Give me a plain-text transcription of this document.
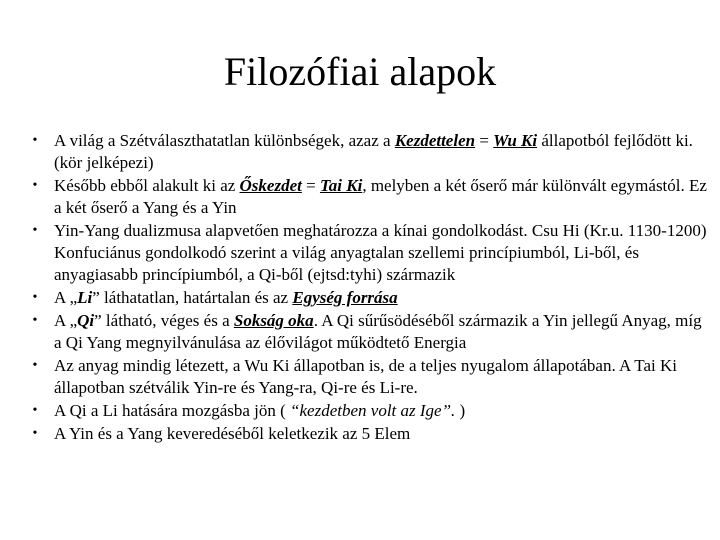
Filozófiai alapok
• A világ a Szétválaszthatatlan különbségek, azaz a Kezdettelen = Wu Ki állapotból fejlődött ki. (kör jelképezi)
• Később ebből alakult ki az Őskezdet = Tai Ki, melyben a két őserő már különvált egymástól. Ez a két őserő a Yang és a Yin
• Yin-Yang dualizmusa alapvetően meghatározza a kínai gondolkodást. Csu Hi (Kr.u. 1130-1200) Konfuciánus gondolkodó szerint a világ anyagtalan szellemi princípiumból, Li-ből, és anyagiasabb princípiumból, a Qi-ből (ejtsd:tyhi) származik
• A „Li” láthatatlan, határtalan és az Egység forrása
• A „Qi” látható, véges és a Sokság oka. A Qi sűrűsödéséből származik a Yin jellegű Anyag, míg a Qi Yang megnyilvánulása az élővilágot működtető Energia
• Az anyag mindig létezett, a Wu Ki állapotban is, de a teljes nyugalom állapotában. A Tai Ki állapotban szétválik Yin-re és Yang-ra, Qi-re és Li-re.
• A Qi a Li hatására mozgásba jön ( “kezdetben volt az Ige”. )
• A Yin és a Yang keveredéséből keletkezik az 5 Elem
